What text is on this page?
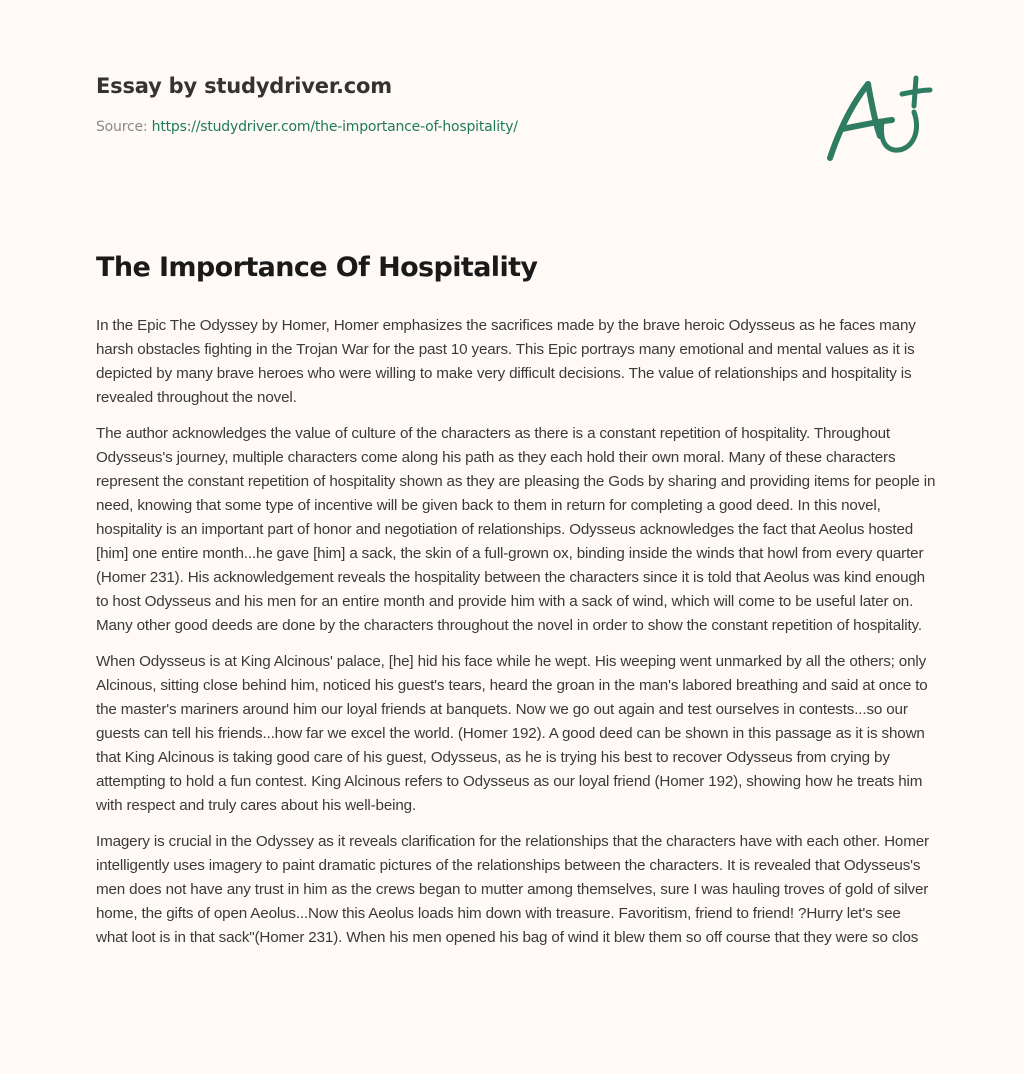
Essay by studydriver.com
Source: https://studydriver.com/the-importance-of-hospitality/
The Importance Of Hospitality

In the Epic The Odyssey by Homer, Homer emphasizes the sacrifices made by the brave heroic Odysseus as he faces many harsh obstacles fighting in the Trojan War for the past 10 years. This Epic portrays many emotional and mental values as it is depicted by many brave heroes who were willing to make very difficult decisions. The value of relationships and hospitality is revealed throughout the novel.

The author acknowledges the value of culture of the characters as there is a constant repetition of hospitality. Throughout Odysseus's journey, multiple characters come along his path as they each hold their own moral. Many of these characters represent the constant repetition of hospitality shown as they are pleasing the Gods by sharing and providing items for people in need, knowing that some type of incentive will be given back to them in return for completing a good deed. In this novel, hospitality is an important part of honor and negotiation of relationships. Odysseus acknowledges the fact that Aeolus hosted [him] one entire month...he gave [him] a sack, the skin of a full-grown ox, binding inside the winds that howl from every quarter (Homer 231). His acknowledgement reveals the hospitality between the characters since it is told that Aeolus was kind enough to host Odysseus and his men for an entire month and provide him with a sack of wind, which will come to be useful later on. Many other good deeds are done by the characters throughout the novel in order to show the constant repetition of hospitality.

When Odysseus is at King Alcinous' palace, [he] hid his face while he wept. His weeping went unmarked by all the others; only Alcinous, sitting close behind him, noticed his guest's tears, heard the groan in the man's labored breathing and said at once to the master's mariners around him our loyal friends at banquets. Now we go out again and test ourselves in contests...so our guests can tell his friends...how far we excel the world. (Homer 192). A good deed can be shown in this passage as it is shown that King Alcinous is taking good care of his guest, Odysseus, as he is trying his best to recover Odysseus from crying by attempting to hold a fun contest. King Alcinous refers to Odysseus as our loyal friend (Homer 192), showing how he treats him with respect and truly cares about his well-being.

Imagery is crucial in the Odyssey as it reveals clarification for the relationships that the characters have with each other. Homer intelligently uses imagery to paint dramatic pictures of the relationships between the characters. It is revealed that Odysseus's men does not have any trust in him as the crews began to mutter among themselves, sure I was hauling troves of gold of silver home, the gifts of open Aeolus...Now this Aeolus loads him down with treasure. Favoritism, friend to friend! ?Hurry let's see what loot is in that sack"(Homer 231). When his men opened his bag of wind it blew them so off course that they were so clos
